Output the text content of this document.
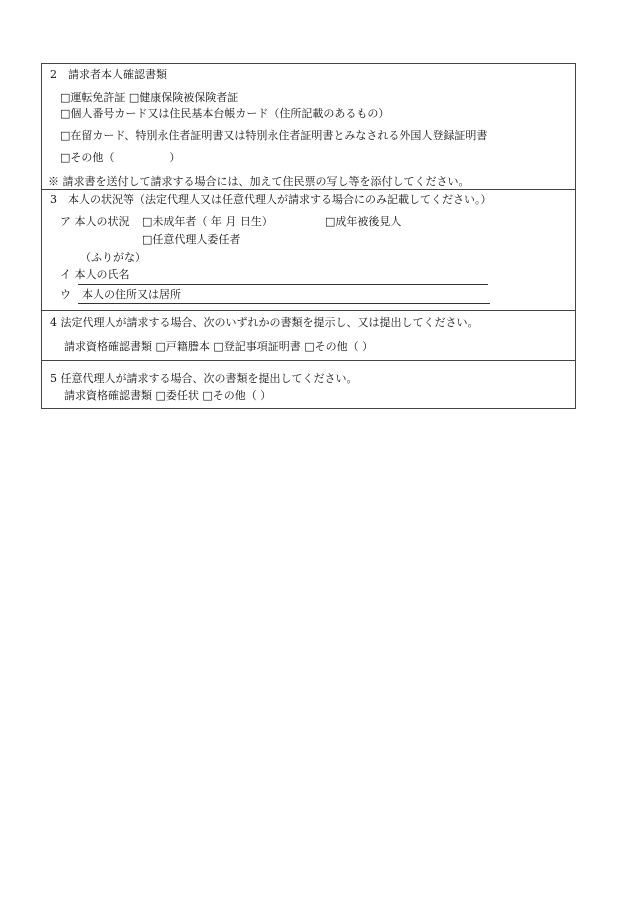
2　請求者本人確認書類
□運転免許証 □健康保険被保険者証
□個人番号カード又は住民基本台帳カード（住所記載のあるもの）
□在留カード、特別永住者証明書又は特別永住者証明書とみなされる外国人登録証明書
□その他（　　　　　）
※ 請求書を送付して請求する場合には、加えて住民票の写し等を添付してください。
3　本人の状況等（法定代理人又は任意代理人が請求する場合にのみ記載してください。）
ア 本人の状況 □未成年者（ 年 月 日生）	□成年被後見人
□任意代理人委任者
（ふりがな）
イ 本人の氏名
ウ　本人の住所又は居所
4 法定代理人が請求する場合、次のいずれかの書類を提示し、又は提出してください。
請求資格確認書類 □戸籍謄本 □登記事項証明書 □その他（ ）
5 任意代理人が請求する場合、次の書類を提出してください。
請求資格確認書類 □委任状 □その他（ ）
